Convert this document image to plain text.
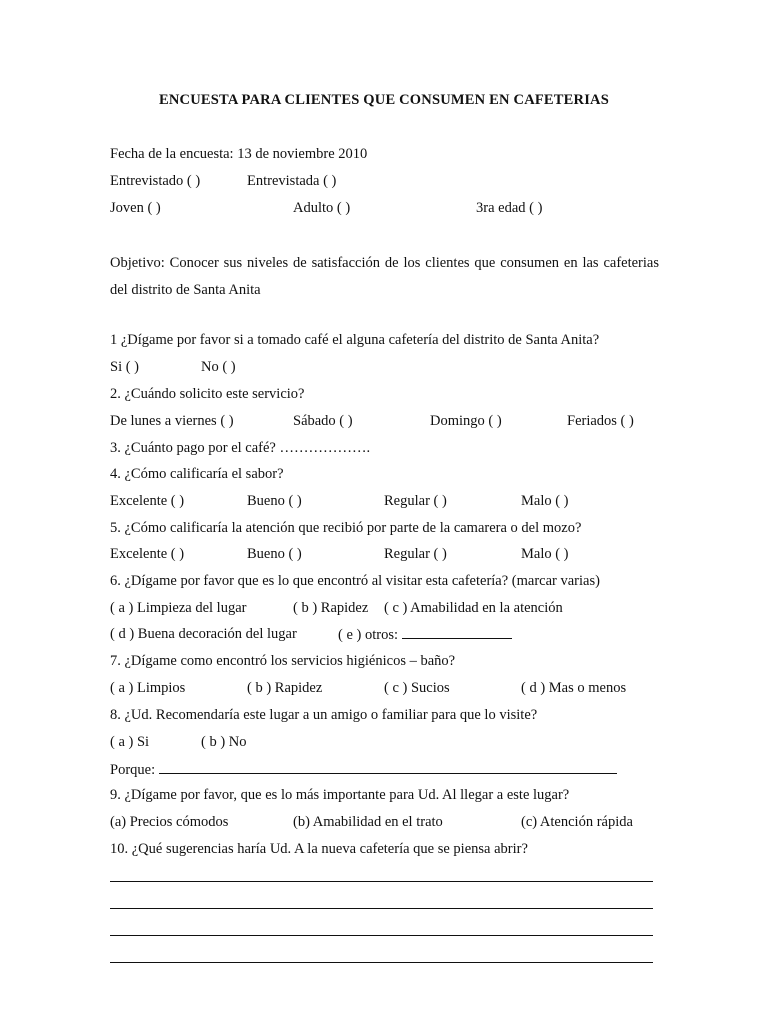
ENCUESTA PARA CLIENTES QUE CONSUMEN EN CAFETERIAS
Fecha de la encuesta: 13 de noviembre 2010
Entrevistado ( )	Entrevistada ( )
Joven ( )	Adulto ( )	3ra edad ( )
Objetivo: Conocer sus niveles de satisfacción de los clientes que consumen en las cafeterias del distrito de Santa Anita
1 ¿Dígame por favor si a tomado café el alguna cafetería del distrito de Santa Anita?
Si ( )	No ( )
2. ¿Cuándo solicito este servicio?
De lunes a viernes ( )	Sábado ( )	Domingo ( )	Feriados ( )
3. ¿Cuánto pago por el café? ……………….
4. ¿Cómo calificaría el sabor?
Excelente ( )	Bueno ( )	Regular ( )	Malo ( )
5. ¿Cómo calificaría la atención que recibió por parte de la camarera o del mozo?
Excelente ( )	Bueno ( )	Regular ( )	Malo ( )
6. ¿Dígame por favor que es lo que encontró al visitar esta cafetería? (marcar varias)
( a ) Limpieza del lugar	( b ) Rapidez ( c ) Amabilidad en la atención
( d ) Buena decoración del lugar	( e ) otros:
7. ¿Dígame como encontró los servicios higiénicos – baño?
( a ) Limpios	( b ) Rapidez	( c ) Sucios	( d ) Mas o menos
8. ¿Ud. Recomendaría este lugar a un amigo o familiar para que lo visite?
( a ) Si	( b ) No
Porque:
9. ¿Dígame por favor, que es lo más importante para Ud. Al llegar a este lugar?
(a) Precios cómodos	(b) Amabilidad en el trato	(c) Atención rápida
10. ¿Qué sugerencias haría Ud. A la nueva cafetería que se piensa abrir?
